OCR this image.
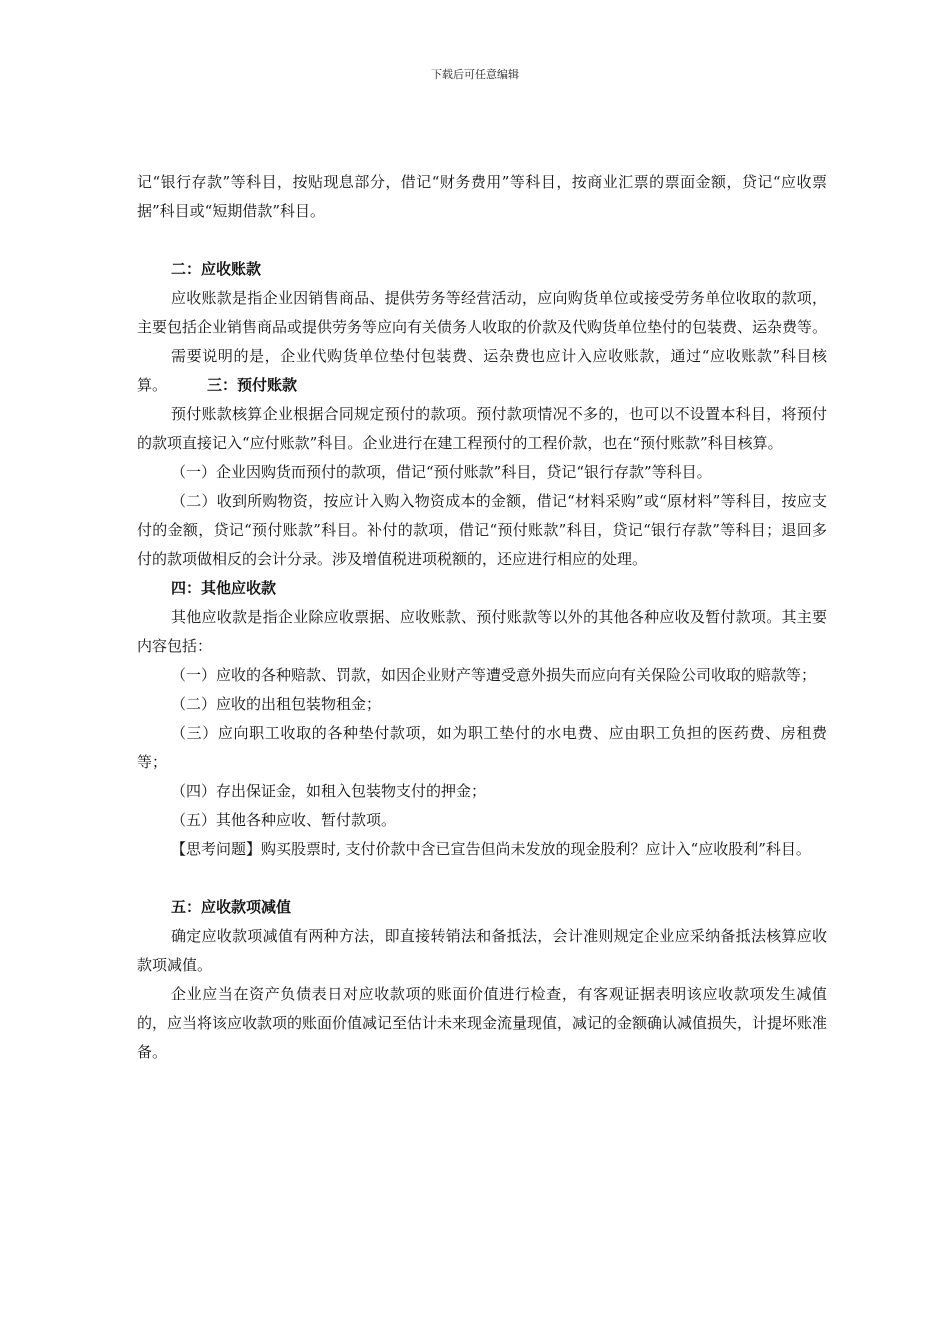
下载后可任意编辑

记“银行存款”等科目，按贴现息部分，借记“财务费用”等科目，按商业汇票的票面金额，贷记“应收票据”科目或“短期借款”科目。

二：应收账款

应收账款是指企业因销售商品、提供劳务等经营活动，应向购货单位或接受劳务单位收取的款项，主要包括企业销售商品或提供劳务等应向有关债务人收取的价款及代购货单位垫付的包装费、运杂费等。

需要说明的是，企业代购货单位垫付包装费、运杂费也应计入应收账款，通过“应收账款”科目核算。	三：预付账款

预付账款核算企业根据合同规定预付的款项。预付款项情况不多的，也可以不设置本科目，将预付的款项直接记入“应付账款”科目。企业进行在建工程预付的工程价款，也在“预付账款”科目核算。

（一）企业因购货而预付的款项，借记“预付账款”科目，贷记“银行存款”等科目。

（二）收到所购物资，按应计入购入物资成本的金额，借记“材料采购”或“原材料”等科目，按应支付的金额，贷记“预付账款”科目。补付的款项，借记“预付账款”科目，贷记“银行存款”等科目；退回多付的款项做相反的会计分录。涉及增值税进项税额的，还应进行相应的处理。

四：其他应收款

其他应收款是指企业除应收票据、应收账款、预付账款等以外的其他各种应收及暂付款项。其主要内容包括：

（一）应收的各种赔款、罚款，如因企业财产等遭受意外损失而应向有关保险公司收取的赔款等；

（二）应收的出租包装物租金；

（三）应向职工收取的各种垫付款项，如为职工垫付的水电费、应由职工负担的医药费、房租费等；

（四）存出保证金，如租入包装物支付的押金；

（五）其他各种应收、暂付款项。

【思考问题】购买股票时, 支付价款中含已宣告但尚未发放的现金股利？应计入“应收股利”科目。

五：应收款项减值

确定应收款项减值有两种方法，即直接转销法和备抵法，会计准则规定企业应采纳备抵法核算应收款项减值。

企业应当在资产负债表日对应收款项的账面价值进行检查，有客观证据表明该应收款项发生减值的，应当将该应收款项的账面价值减记至估计未来现金流量现值，减记的金额确认减值损失，计提坏账准备。
